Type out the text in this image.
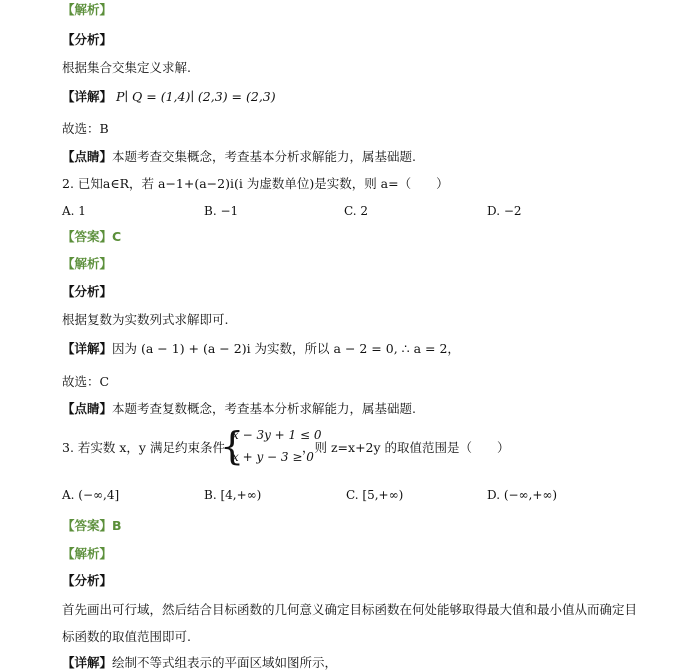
【解析】
【分析】
根据集合交集定义求解.
【详解】 P∣ Q = (1,4)∣ (2,3) = (2,3)
故选：B
【点睛】本题考查交集概念，考查基本分析求解能力，属基础题.
2. 已知a∈R，若 a−1+(a−2)i(i 为虚数单位)是实数，则 a=（　　）
A. 1	B. −1	C. 2	D. −2
【答案】C
【解析】
【分析】
根据复数为实数列式求解即可.
【详解】因为 (a − 1) + (a − 2)i 为实数，所以 a − 2 = 0, ∴ a = 2，
故选：C
【点睛】本题考查复数概念，考查基本分析求解能力，属基础题.
3. 若实数 x，y 满足约束条件
{
x − 3y + 1 ≤ 0
x + y − 3 ≥ 0
，则 z=x+2y 的取值范围是（　　）
A. (−∞,4]	B. [4,+∞)	C. [5,+∞)	D. (−∞,+∞)
【答案】B
【解析】
【分析】
首先画出可行域，然后结合目标函数的几何意义确定目标函数在何处能够取得最大值和最小值从而确定目
标函数的取值范围即可.
【详解】绘制不等式组表示的平面区域如图所示，
